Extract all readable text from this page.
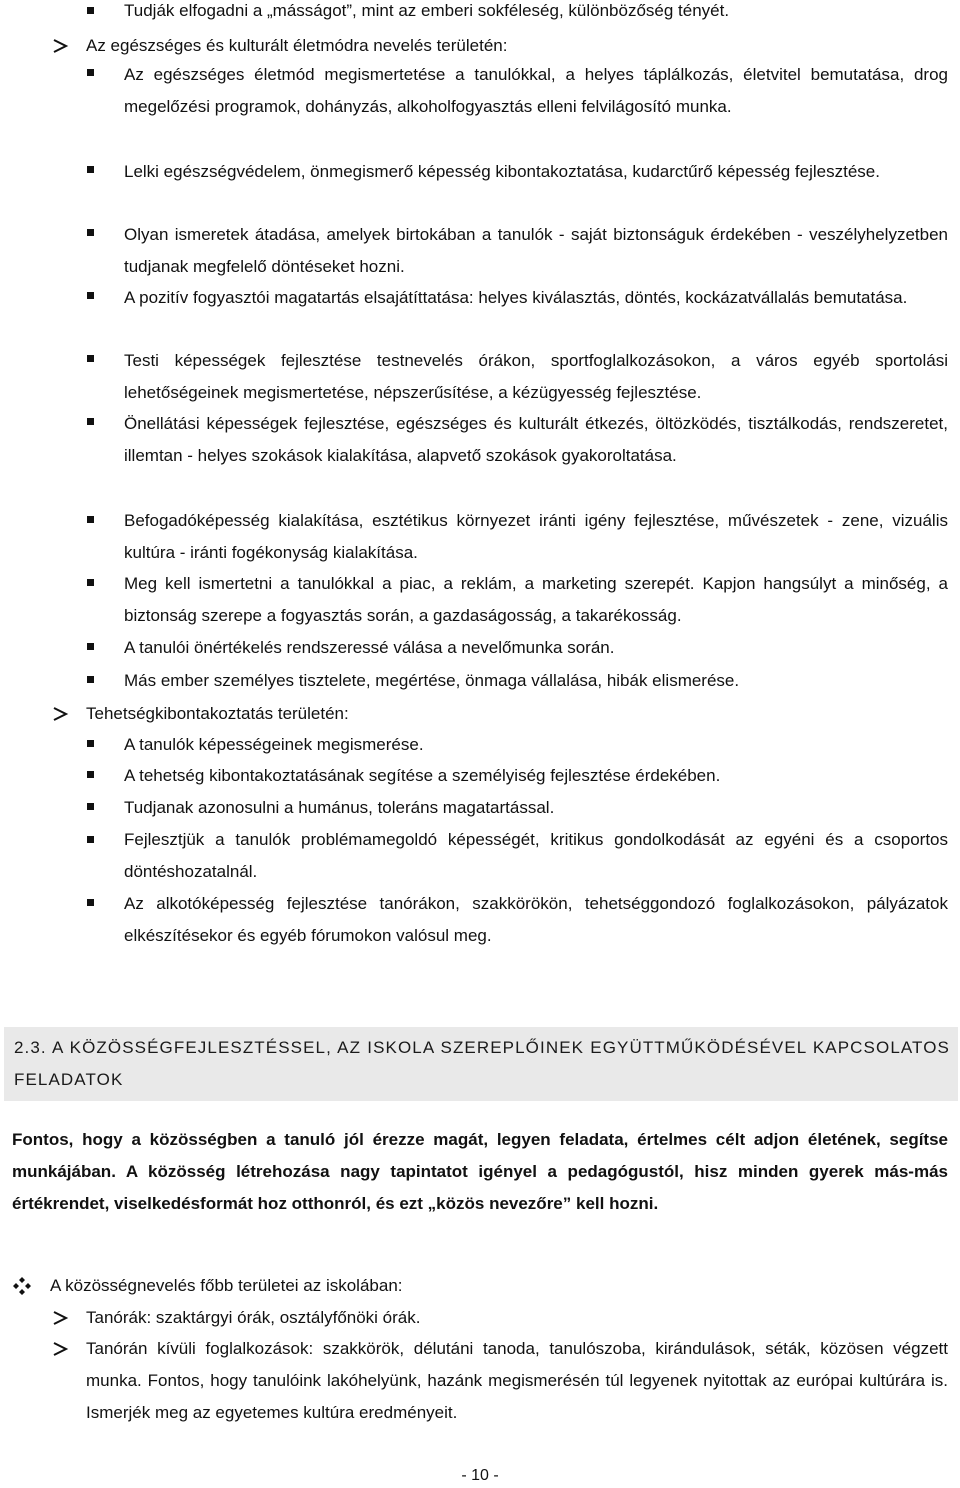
Tudják elfogadni a „másságot”, mint az emberi sokféleség, különbözőség tényét.
Az egészséges és kulturált életmódra nevelés területén:
Az egészséges életmód megismertetése a tanulókkal, a helyes táplálkozás, életvitel bemutatása, drog megelőzési programok, dohányzás, alkoholfogyasztás elleni felvilágosító munka.
Lelki egészségvédelem, önmegismerő képesség kibontakoztatása, kudarctűrő képesség fejlesztése.
Olyan ismeretek átadása, amelyek birtokában a tanulók - saját biztonságuk érdekében - veszélyhelyzetben tudjanak megfelelő döntéseket hozni.
A pozitív fogyasztói magatartás elsajátíttatása: helyes kiválasztás, döntés, kockázatvállalás bemutatása.
Testi képességek fejlesztése testnevelés órákon, sportfoglalkozásokon, a város egyéb sportolási lehetőségeinek megismertetése, népszerűsítése, a kézügyesség fejlesztése.
Önellátási képességek fejlesztése, egészséges és kulturált étkezés, öltözködés, tisztálkodás, rendszeretet, illemtan - helyes szokások kialakítása, alapvető szokások gyakoroltatása.
Befogadóképesség kialakítása, esztétikus környezet iránti igény fejlesztése, művészetek - zene, vizuális kultúra - iránti fogékonyság kialakítása.
Meg kell ismertetni a tanulókkal a piac, a reklám, a marketing szerepét. Kapjon hangsúlyt a minőség, a biztonság szerepe a fogyasztás során, a gazdaságosság, a takarékosság.
A tanulói önértékelés rendszeressé válása a nevelőmunka során.
Más ember személyes tisztelete, megértése, önmaga vállalása, hibák elismerése.
Tehetségkibontakoztatás területén:
A tanulók képességeinek megismerése.
A tehetség kibontakoztatásának segítése a személyiség fejlesztése érdekében.
Tudjanak azonosulni a humánus, toleráns magatartással.
Fejlesztjük a tanulók problémamegoldó képességét, kritikus gondolkodását az egyéni és a csoportos döntéshozatalnál.
Az alkotóképesség fejlesztése tanórákon, szakkörökön, tehetséggondozó foglalkozásokon, pályázatok elkészítésekor és egyéb fórumokon valósul meg.
2.3. A KÖZÖSSÉGFEJLESZTÉSSEL, AZ ISKOLA SZEREPLŐINEK EGYÜTTMŰKÖDÉSÉVEL KAPCSOLATOS FELADATOK
Fontos, hogy a közösségben a tanuló jól érezze magát, legyen feladata, értelmes célt adjon életének, segítse munkájában. A közösség létrehozása nagy tapintatot igényel a pedagógustól, hisz minden gyerek más-más értékrendet, viselkedésformát hoz otthonról, és ezt „közös nevezőre” kell hozni.
A közösségnevelés főbb területei az iskolában:
Tanórák: szaktárgyi órák, osztályfőnöki órák.
Tanórán kívüli foglalkozások: szakkörök, délutáni tanoda, tanulószoba, kirándulások, séták, közösen végzett munka. Fontos, hogy tanulóink lakóhelyünk, hazánk megismerésén túl legyenek nyitottak az európai kultúrára is. Ismerjék meg az egyetemes kultúra eredményeit.
- 10 -
